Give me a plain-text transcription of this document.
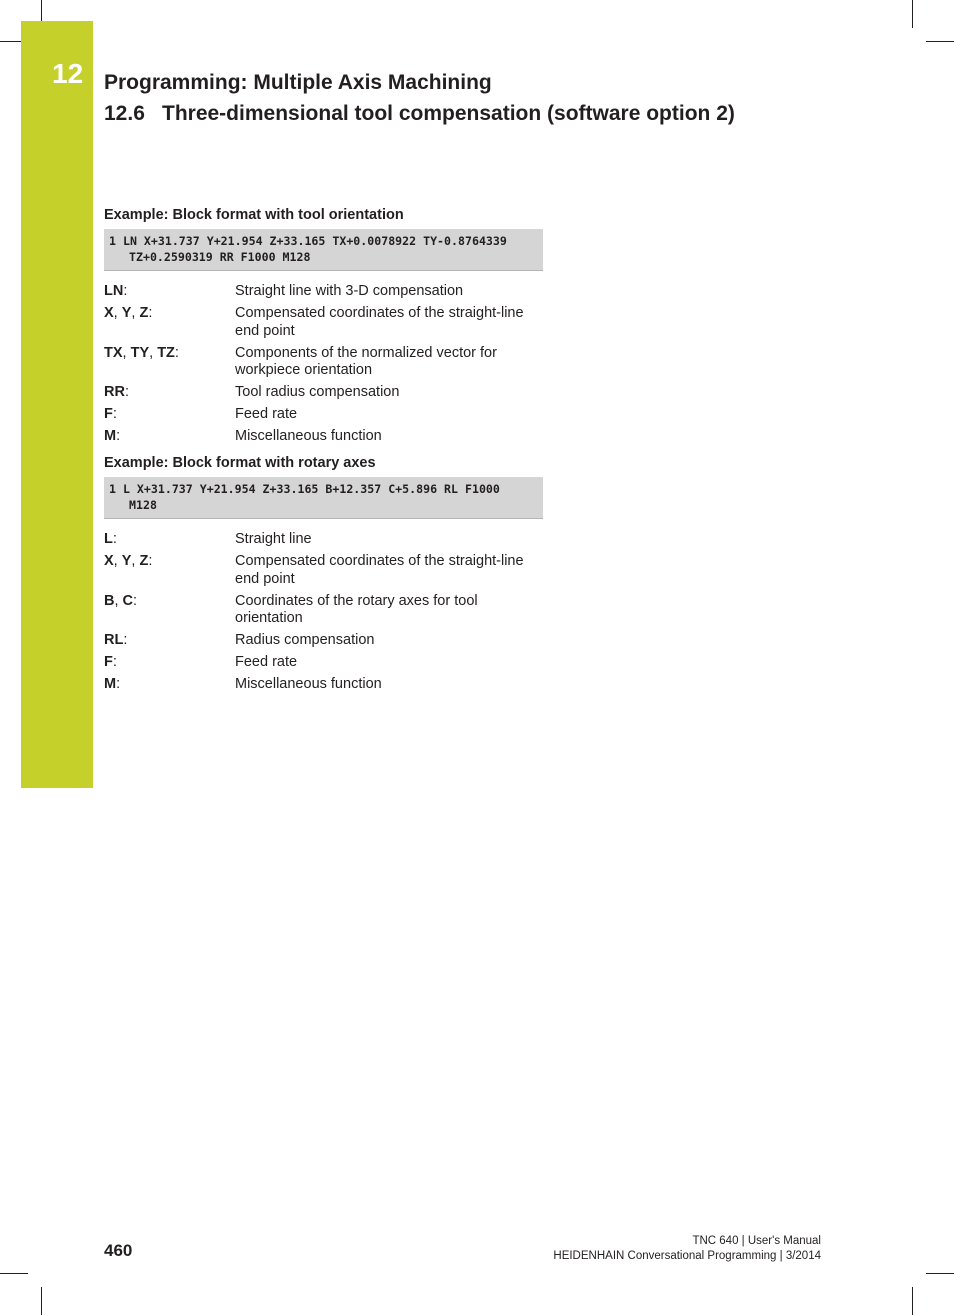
12 Programming: Multiple Axis Machining
12.6 Three-dimensional tool compensation (software option 2)
Example: Block format with tool orientation
1 LN X+31.737 Y+21.954 Z+33.165 TX+0.0078922 TY-0.8764339
TZ+0.2590319 RR F1000 M128
LN:	Straight line with 3-D compensation
X, Y, Z:	Compensated coordinates of the straight-line end point
TX, TY, TZ:	Components of the normalized vector for workpiece orientation
RR:	Tool radius compensation
F:	Feed rate
M:	Miscellaneous function
Example: Block format with rotary axes
1 L X+31.737 Y+21.954 Z+33.165 B+12.357 C+5.896 RL F1000
M128
L:	Straight line
X, Y, Z:	Compensated coordinates of the straight-line end point
B, C:	Coordinates of the rotary axes for tool orientation
RL:	Radius compensation
F:	Feed rate
M:	Miscellaneous function
460	TNC 640 | User's Manual
HEIDENHAIN Conversational Programming | 3/2014
